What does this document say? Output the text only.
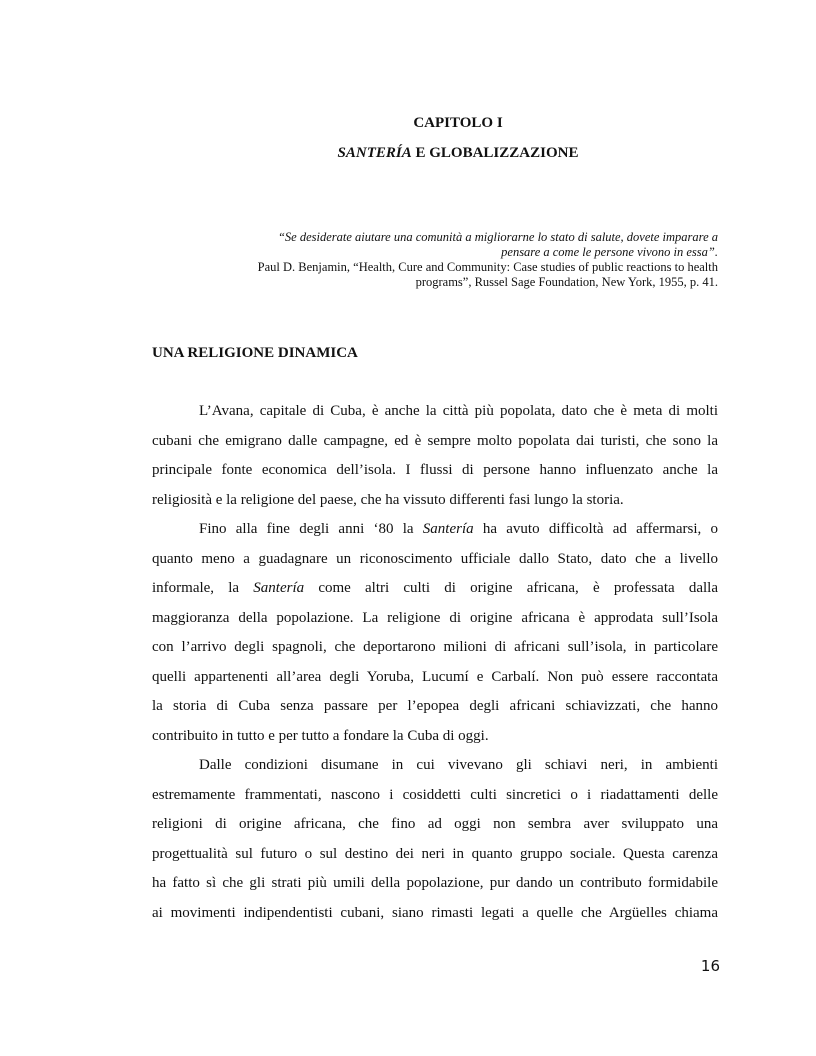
CAPITOLO I
SANTERÍA E GLOBALIZZAZIONE
“Se desiderate aiutare una comunità a migliorarne lo stato di salute, dovete imparare a
pensare a come le persone vivono in essa”.
Paul D. Benjamin, “Health, Cure and Community: Case studies of public reactions to health
programs”, Russel Sage Foundation, New York, 1955, p. 41.
UNA RELIGIONE DINAMICA

L’Avana, capitale di Cuba, è anche la città più popolata, dato che è meta di molti
cubani che emigrano dalle campagne, ed è sempre molto popolata dai turisti, che sono la
principale fonte economica dell’isola. I flussi di persone hanno influenzato anche la
religiosità e la religione del paese, che ha vissuto differenti fasi lungo la storia.

Fino alla fine degli anni ‘80 la Santería ha avuto difficoltà ad affermarsi, o
quanto meno a guadagnare un riconoscimento ufficiale dallo Stato, dato che a livello
informale, la Santería come altri culti di origine africana, è professata dalla
maggioranza della popolazione. La religione di origine africana è approdata sull’Isola
con l’arrivo degli spagnoli, che deportarono milioni di africani sull’isola, in particolare
quelli appartenenti all’area degli Yoruba, Lucumí e Carbalí. Non può essere raccontata
la storia di Cuba senza passare per l’epopea degli africani schiavizzati, che hanno
contribuito in tutto e per tutto a fondare la Cuba di oggi.

Dalle condizioni disumane in cui vivevano gli schiavi neri, in ambienti
estremamente frammentati, nascono i cosiddetti culti sincretici o i riadattamenti delle
religioni di origine africana, che fino ad oggi non sembra aver sviluppato una
progettualità sul futuro o sul destino dei neri in quanto gruppo sociale. Questa carenza
ha fatto sì che gli strati più umili della popolazione, pur dando un contributo formidabile
ai movimenti indipendentisti cubani, siano rimasti legati a quelle che Argüelles chiama

16
